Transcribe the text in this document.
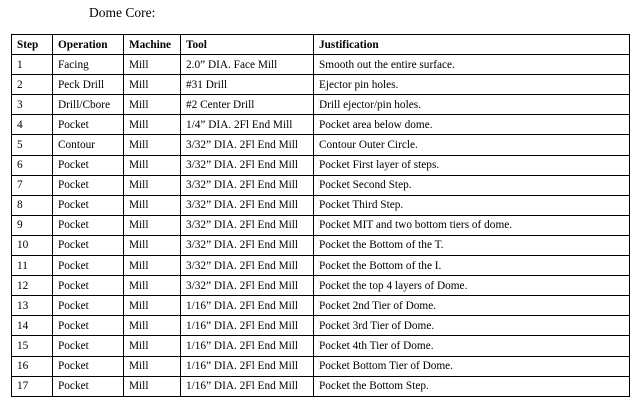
Dome Core:
Step	Operation	Machine	Tool	Justification
1	Facing	Mill	2.0” DIA. Face Mill	Smooth out the entire surface.
2	Peck Drill	Mill	#31 Drill	Ejector pin holes.
3	Drill/Cbore	Mill	#2 Center Drill	Drill ejector/pin holes.
4	Pocket	Mill	1/4” DIA. 2Fl End Mill	Pocket area below dome.
5	Contour	Mill	3/32” DIA. 2Fl End Mill	Contour Outer Circle.
6	Pocket	Mill	3/32” DIA. 2Fl End Mill	Pocket First layer of steps.
7	Pocket	Mill	3/32” DIA. 2Fl End Mill	Pocket Second Step.
8	Pocket	Mill	3/32” DIA. 2Fl End Mill	Pocket Third Step.
9	Pocket	Mill	3/32” DIA. 2Fl End Mill	Pocket MIT and two bottom tiers of dome.
10	Pocket	Mill	3/32” DIA. 2Fl End Mill	Pocket the Bottom of the T.
11	Pocket	Mill	3/32” DIA. 2Fl End Mill	Pocket the Bottom of the I.
12	Pocket	Mill	3/32” DIA. 2Fl End Mill	Pocket the top 4 layers of Dome.
13	Pocket	Mill	1/16” DIA. 2Fl End Mill	Pocket 2nd Tier of Dome.
14	Pocket	Mill	1/16” DIA. 2Fl End Mill	Pocket 3rd Tier of Dome.
15	Pocket	Mill	1/16” DIA. 2Fl End Mill	Pocket 4th Tier of Dome.
16	Pocket	Mill	1/16” DIA. 2Fl End Mill	Pocket Bottom Tier of Dome.
17	Pocket	Mill	1/16” DIA. 2Fl End Mill	Pocket the Bottom Step.
